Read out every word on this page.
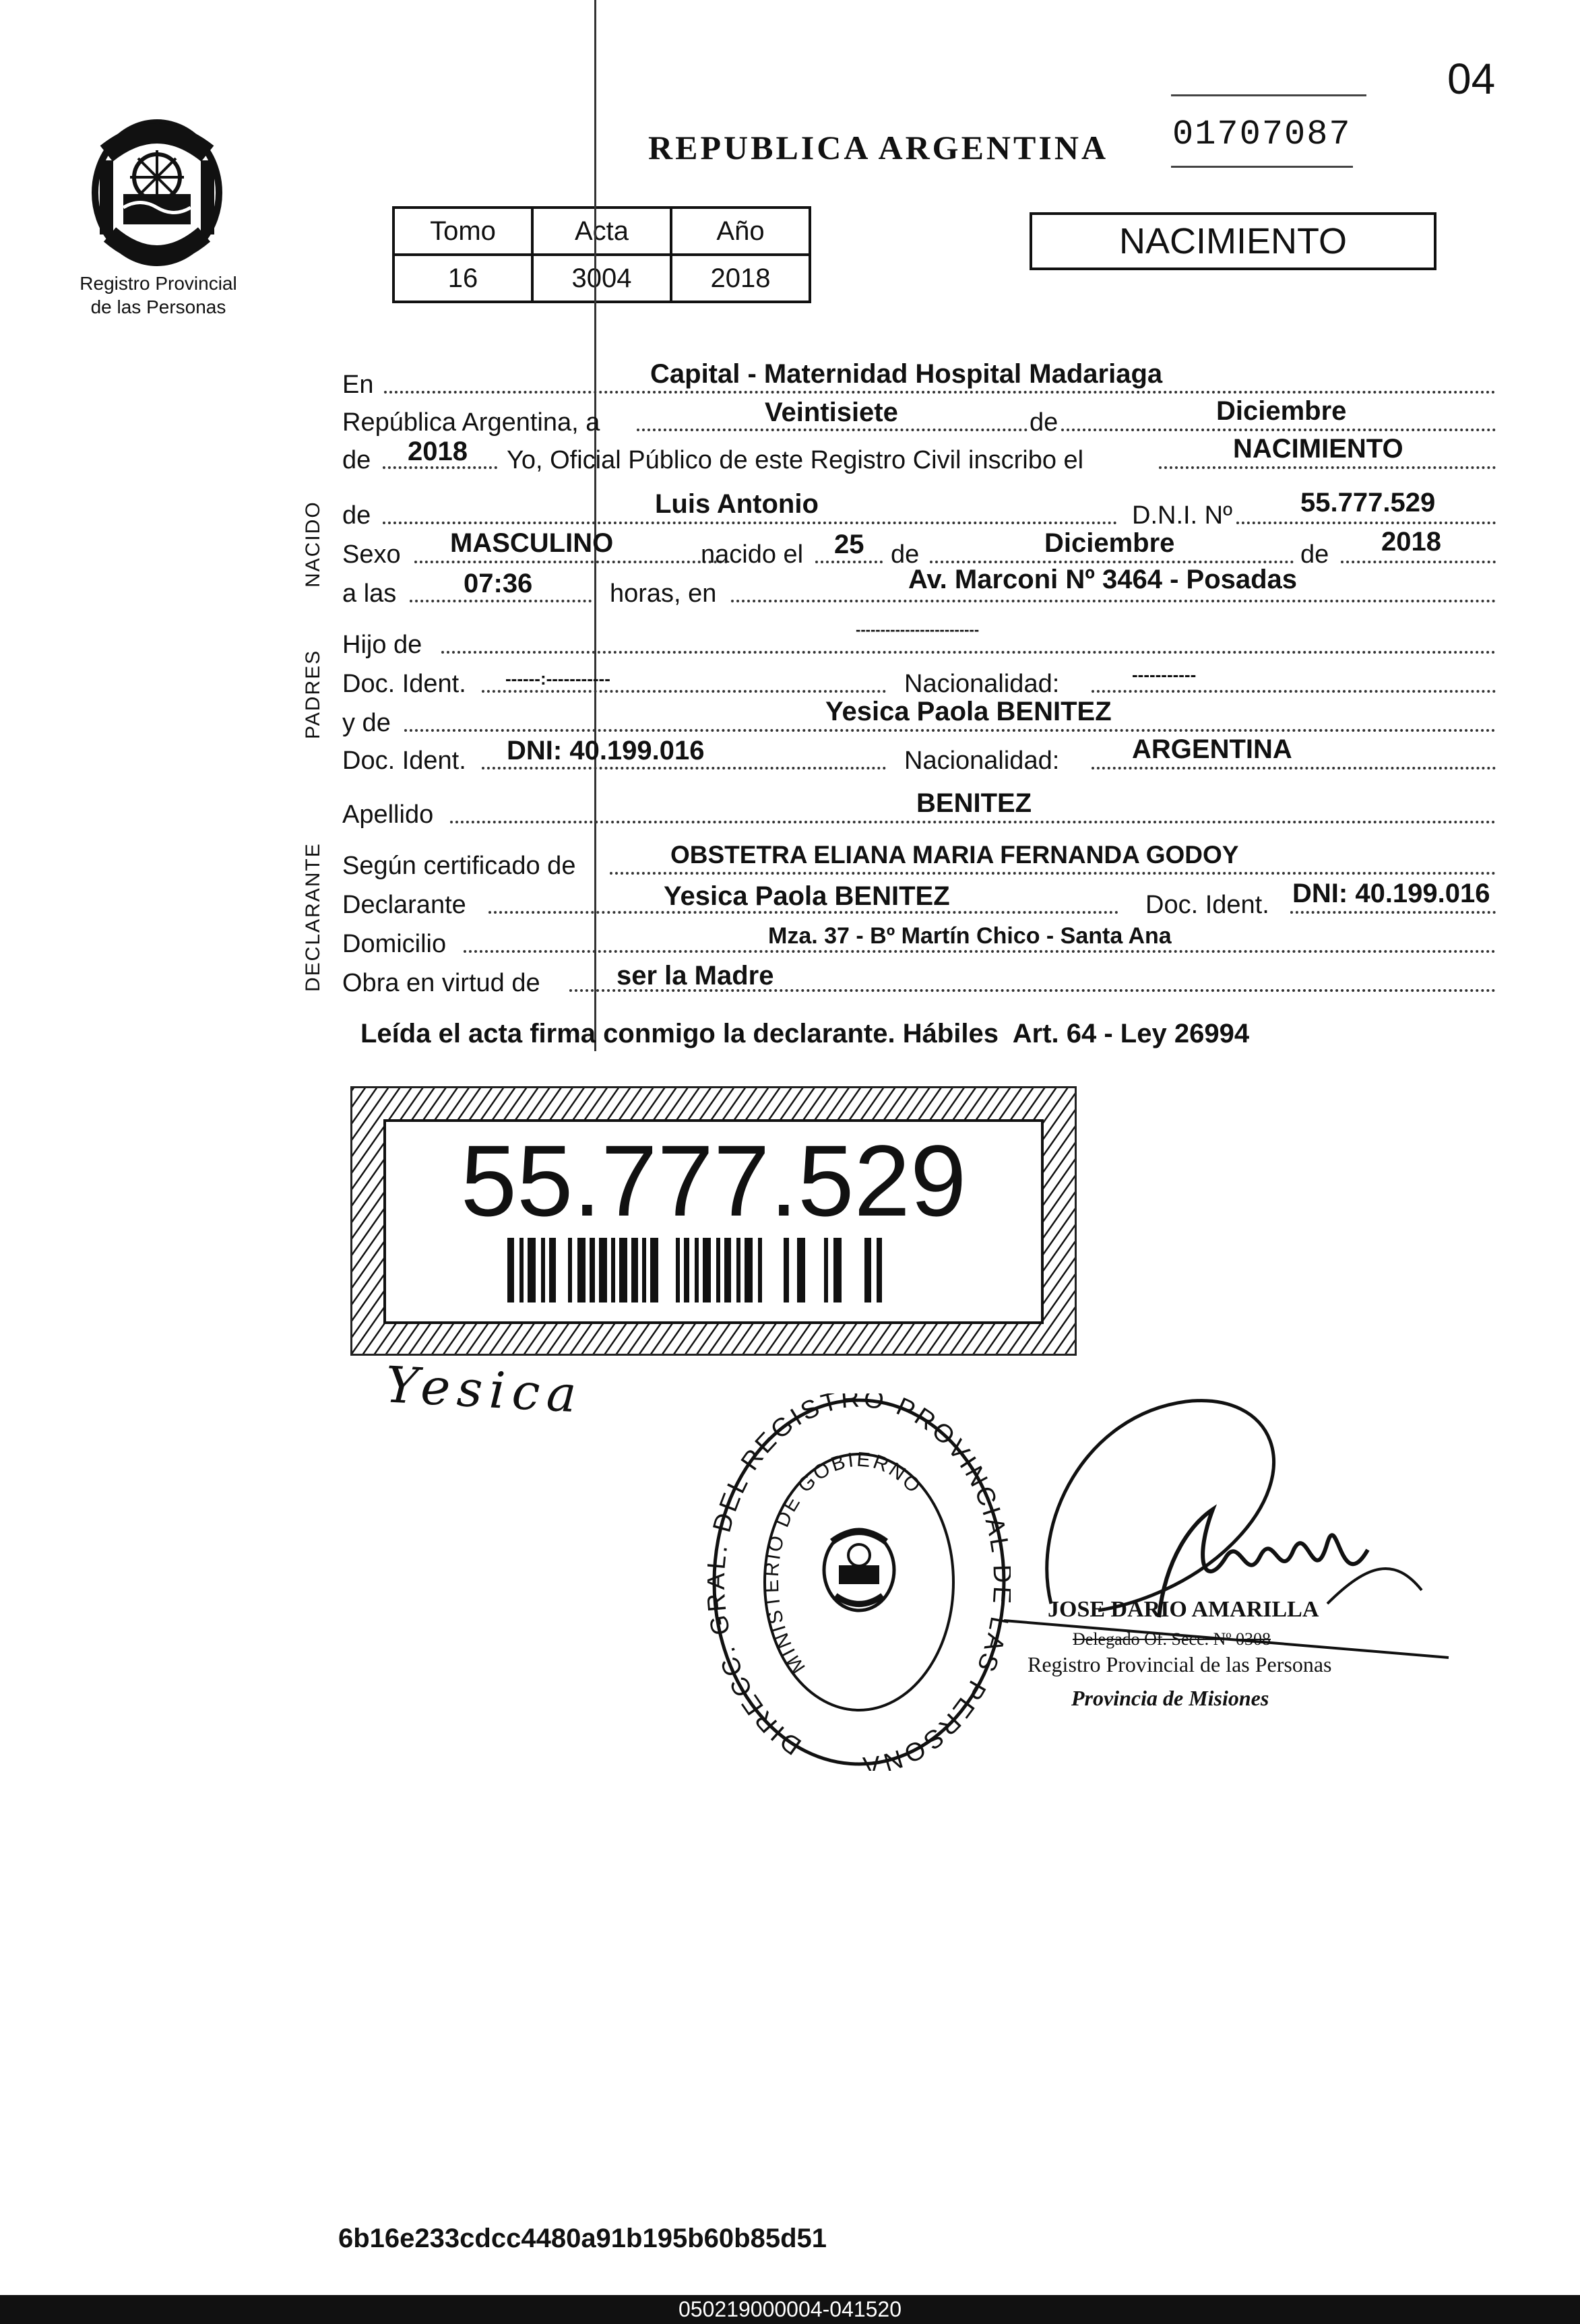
04
01707087
Registro Provincial
de las Personas
REPUBLICA ARGENTINA
Tomo	Acta	Año
16	3004	2018
NACIMIENTO
NACIDO
PADRES
DECLARANTE
En	Capital - Maternidad Hospital Madariaga
República Argentina, a	Veintisiete	de	Diciembre
de 2018 Yo, Oficial Público de este Registro Civil inscribo el	NACIMIENTO
de	Luis Antonio	D.N.I. Nº	55.777.529
Sexo MASCULINO	nacido el 25 de	Diciembre	de 2018
a las 07:36	horas, en	Av. Marconi Nº 3464 - Posadas
Hijo de
-------------------------
Doc. Ident. ------:-----------	Nacionalidad:	-----------
y de	Yesica Paola BENITEZ
Doc. Ident. DNI: 40.199.016	Nacionalidad:	ARGENTINA
Apellido	BENITEZ
Según certificado de	OBSTETRA ELIANA MARIA FERNANDA GODOY
Declarante	Yesica Paola BENITEZ	Doc. Ident. DNI: 40.199.016
Domicilio	Mza. 37 - Bº Martín Chico - Santa Ana
Obra en virtud de	ser la Madre
Leída el acta firma conmigo la declarante. Hábiles  Art. 64 - Ley 26994
55.777.529
Yesica
DIRECC. DEL REGISTRO PROVINCIA LAS PERSONA
MINISTERIO DE GOBIERNO
JOSE DARIO AMARILLA
Delegado Of. Secc. Nº 0308
Registro Provincial de las Personas
Provincia de Misiones
6b16e233cdcc4480a91b195b60b85d51
050219000004-041520
